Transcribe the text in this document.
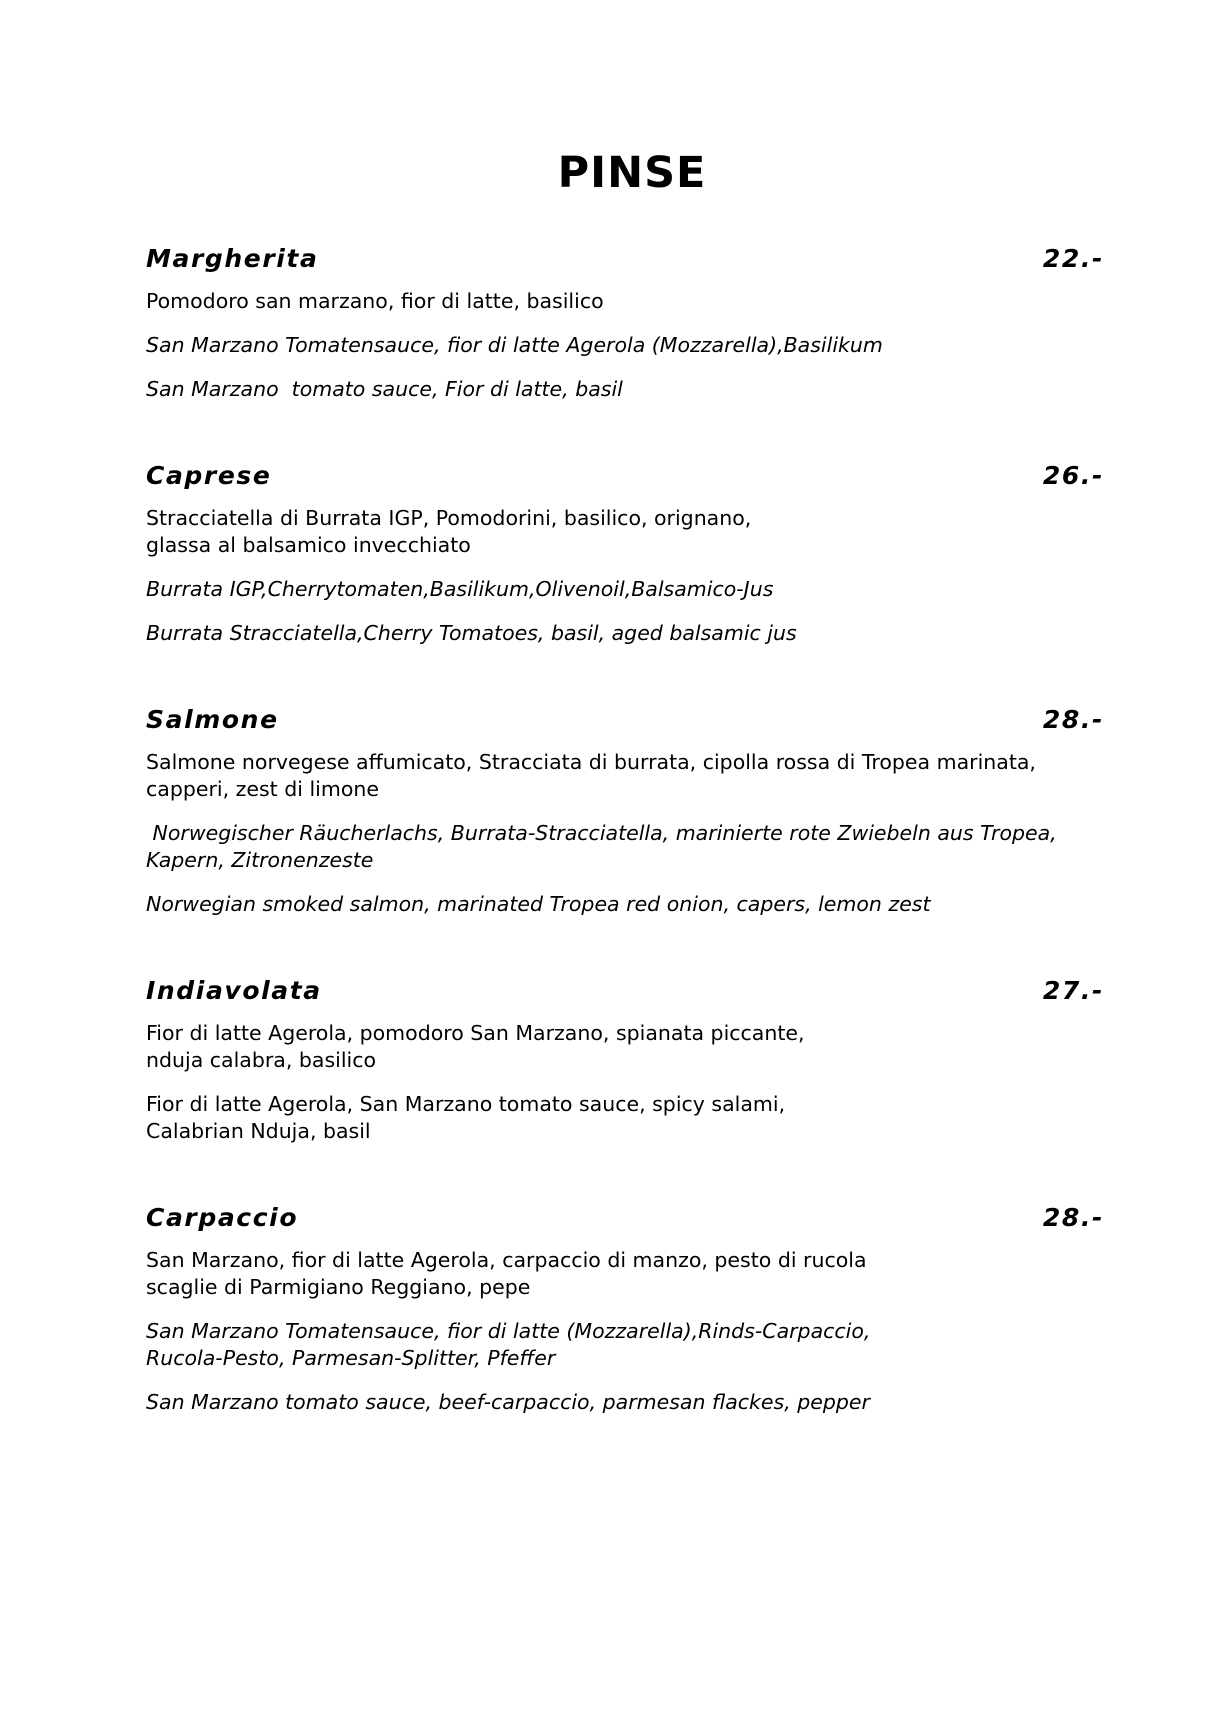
PINSE
Margherita	22.-

Pomodoro san marzano, fior di latte, basilico

San Marzano Tomatensauce, fior di latte Agerola (Mozzarella),Basilikum

San Marzano  tomato sauce, Fior di latte, basil

Caprese	26.-

Stracciatella di Burrata IGP, Pomodorini, basilico, orignano,
glassa al balsamico invecchiato

Burrata IGP,Cherrytomaten,Basilikum,Olivenoil,Balsamico-Jus

Burrata Stracciatella,Cherry Tomatoes, basil, aged balsamic jus

Salmone	28.-

Salmone norvegese affumicato, Stracciata di burrata, cipolla rossa di Tropea marinata,
capperi, zest di limone

Norwegischer Räucherlachs, Burrata-Stracciatella, marinierte rote Zwiebeln aus Tropea,
Kapern, Zitronenzeste

Norwegian smoked salmon, marinated Tropea red onion, capers, lemon zest

Indiavolata	27.-

Fior di latte Agerola, pomodoro San Marzano, spianata piccante,
nduja calabra, basilico

Fior di latte Agerola, San Marzano tomato sauce, spicy salami,
Calabrian Nduja, basil

Carpaccio	28.-

San Marzano, fior di latte Agerola, carpaccio di manzo, pesto di rucola
scaglie di Parmigiano Reggiano, pepe

San Marzano Tomatensauce, fior di latte (Mozzarella),Rinds-Carpaccio,
Rucola-Pesto, Parmesan-Splitter, Pfeffer

San Marzano tomato sauce, beef-carpaccio, parmesan flackes, pepper
